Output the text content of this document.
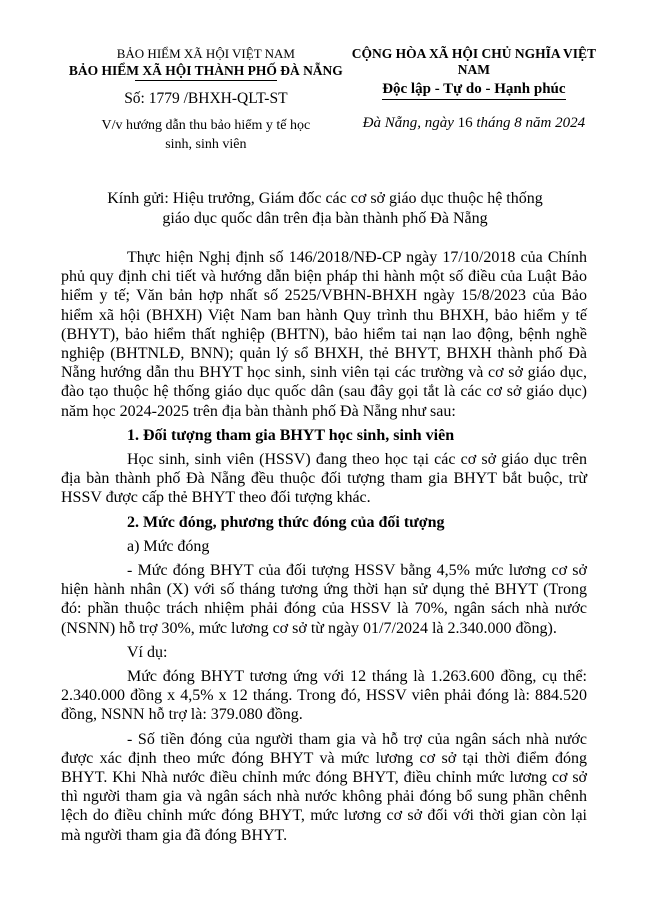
BẢO HIỂM XÃ HỘI VIỆT NAM
BẢO HIỂM XÃ HỘI THÀNH PHỐ ĐÀ NẴNG
Số: 1779 /BHXH-QLT-ST
V/v hướng dẫn thu bảo hiểm y tế học sinh, sinh viên
CỘNG HÒA XÃ HỘI CHỦ NGHĨA VIỆT NAM
Độc lập - Tự do - Hạnh phúc
Đà Nẵng, ngày 16 tháng 8 năm 2024
Kính gửi: Hiệu trưởng, Giám đốc các cơ sở giáo dục thuộc hệ thống
giáo dục quốc dân trên địa bàn thành phố Đà Nẵng

Thực hiện Nghị định số 146/2018/NĐ-CP ngày 17/10/2018 của Chính phủ quy định chi tiết và hướng dẫn biện pháp thi hành một số điều của Luật Bảo hiểm y tế; Văn bản hợp nhất số 2525/VBHN-BHXH ngày 15/8/2023 của Bảo hiểm xã hội (BHXH) Việt Nam ban hành Quy trình thu BHXH, bảo hiểm y tế (BHYT), bảo hiểm thất nghiệp (BHTN), bảo hiểm tai nạn lao động, bệnh nghề nghiệp (BHTNLĐ, BNN); quản lý sổ BHXH, thẻ BHYT, BHXH thành phố Đà Nẵng hướng dẫn thu BHYT học sinh, sinh viên tại các trường và cơ sở giáo dục, đào tạo thuộc hệ thống giáo dục quốc dân (sau đây gọi tắt là các cơ sở giáo dục) năm học 2024-2025 trên địa bàn thành phố Đà Nẵng như sau:

1. Đối tượng tham gia BHYT học sinh, sinh viên

Học sinh, sinh viên (HSSV) đang theo học tại các cơ sở giáo dục trên địa bàn thành phố Đà Nẵng đều thuộc đối tượng tham gia BHYT bắt buộc, trừ HSSV được cấp thẻ BHYT theo đối tượng khác.

2. Mức đóng, phương thức đóng của đối tượng

a) Mức đóng

- Mức đóng BHYT của đối tượng HSSV bằng 4,5% mức lương cơ sở hiện hành nhân (X) với số tháng tương ứng thời hạn sử dụng thẻ BHYT (Trong đó: phần thuộc trách nhiệm phải đóng của HSSV là 70%, ngân sách nhà nước (NSNN) hỗ trợ 30%, mức lương cơ sở từ ngày 01/7/2024 là 2.340.000 đồng).

Ví dụ:

Mức đóng BHYT tương ứng với 12 tháng là 1.263.600 đồng, cụ thể: 2.340.000 đồng x 4,5% x 12 tháng. Trong đó, HSSV viên phải đóng là: 884.520 đồng, NSNN hỗ trợ là: 379.080 đồng.

- Số tiền đóng của người tham gia và hỗ trợ của ngân sách nhà nước được xác định theo mức đóng BHYT và mức lương cơ sở tại thời điểm đóng BHYT. Khi Nhà nước điều chỉnh mức đóng BHYT, điều chỉnh mức lương cơ sở thì người tham gia và ngân sách nhà nước không phải đóng bổ sung phần chênh lệch do điều chỉnh mức đóng BHYT, mức lương cơ sở đối với thời gian còn lại mà người tham gia đã đóng BHYT.
